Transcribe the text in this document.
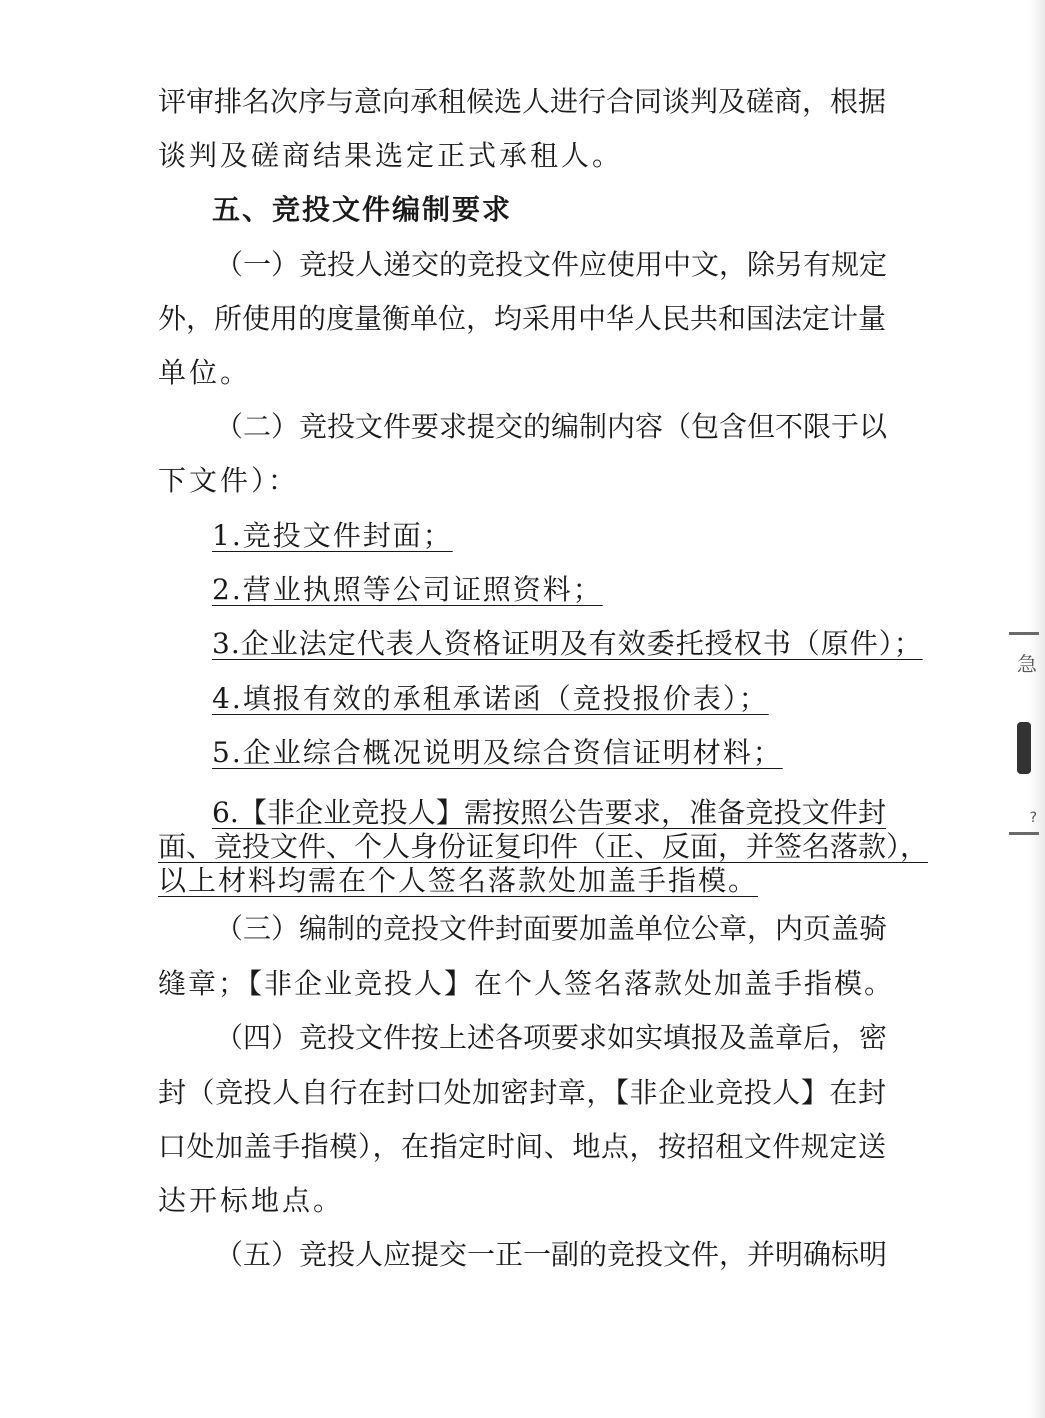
评审排名次序与意向承租候选人进行合同谈判及磋商，根据

谈判及磋商结果选定正式承租人。

五、竞投文件编制要求

（一）竞投人递交的竞投文件应使用中文，除另有规定

外，所使用的度量衡单位，均采用中华人民共和国法定计量

单位。

（二）竞投文件要求提交的编制内容（包含但不限于以

下文件）：

1.竞投文件封面；

2.营业执照等公司证照资料；

3.企业法定代表人资格证明及有效委托授权书（原件）；

4.填报有效的承租承诺函（竞投报价表）；

5.企业综合概况说明及综合资信证明材料；

6.【非企业竞投人】需按照公告要求，准备竞投文件封

面、竞投文件、个人身份证复印件（正、反面，并签名落款），

以上材料均需在个人签名落款处加盖手指模。

（三）编制的竞投文件封面要加盖单位公章，内页盖骑

缝章；【非企业竞投人】在个人签名落款处加盖手指模。

（四）竞投文件按上述各项要求如实填报及盖章后，密

封（竞投人自行在封口处加密封章，【非企业竞投人】在封

口处加盖手指模），在指定时间、地点，按招租文件规定送

达开标地点。

（五）竞投人应提交一正一副的竞投文件，并明确标明

急
?
